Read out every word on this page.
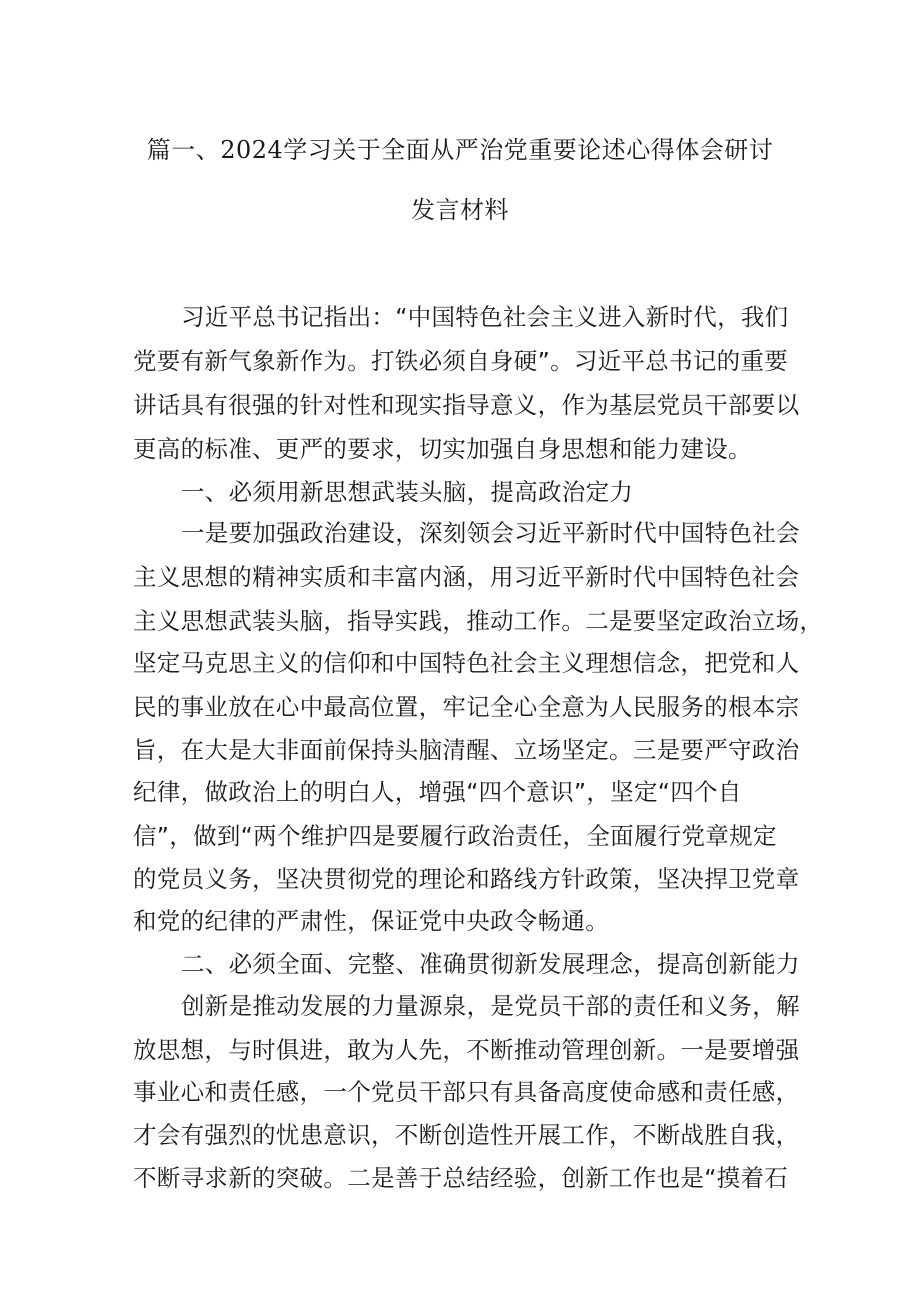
篇一、2024学习关于全面从严治党重要论述心得体会研讨
发言材料
习近平总书记指出：“中国特色社会主义进入新时代，我们
党要有新气象新作为。打铁必须自身硬”。习近平总书记的重要
讲话具有很强的针对性和现实指导意义，作为基层党员干部要以
更高的标准、更严的要求，切实加强自身思想和能力建设。
一、必须用新思想武装头脑，提高政治定力
一是要加强政治建设，深刻领会习近平新时代中国特色社会
主义思想的精神实质和丰富内涵，用习近平新时代中国特色社会
主义思想武装头脑，指导实践，推动工作。二是要坚定政治立场，
坚定马克思主义的信仰和中国特色社会主义理想信念，把党和人
民的事业放在心中最高位置，牢记全心全意为人民服务的根本宗
旨，在大是大非面前保持头脑清醒、立场坚定。三是要严守政治
纪律，做政治上的明白人，增强“四个意识”，坚定“四个自
信”，做到“两个维护四是要履行政治责任，全面履行党章规定
的党员义务，坚决贯彻党的理论和路线方针政策，坚决捍卫党章
和党的纪律的严肃性，保证党中央政令畅通。
二、必须全面、完整、准确贯彻新发展理念，提高创新能力
创新是推动发展的力量源泉，是党员干部的责任和义务，解
放思想，与时俱进，敢为人先，不断推动管理创新。一是要增强
事业心和责任感，一个党员干部只有具备高度使命感和责任感，
才会有强烈的忧患意识，不断创造性开展工作，不断战胜自我，
不断寻求新的突破。二是善于总结经验，创新工作也是“摸着石
